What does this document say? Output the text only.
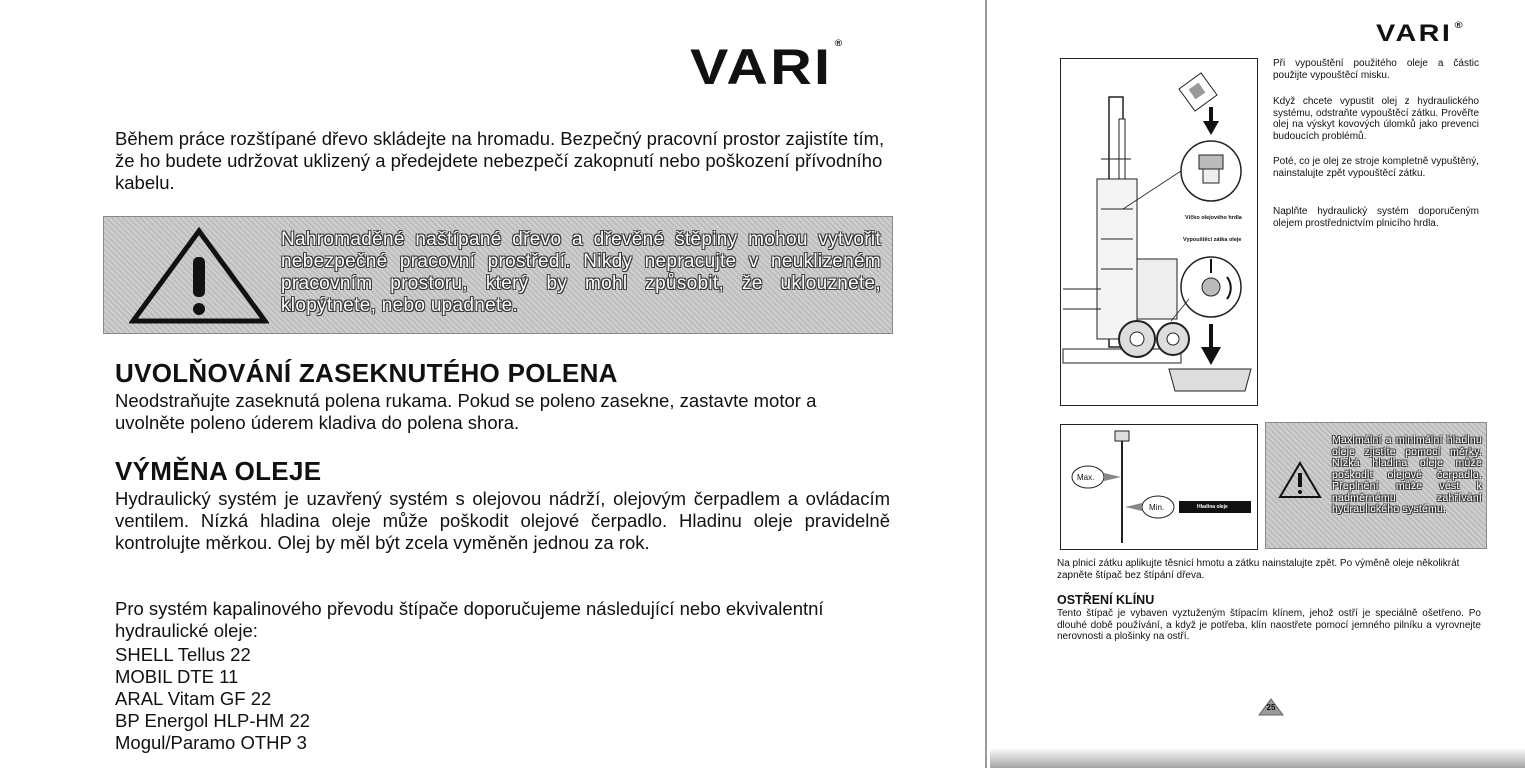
VARI ®
Během práce rozštípané dřevo skládejte na hromadu. Bezpečný pracovní prostor zajistíte tím, že ho budete udržovat uklizený a předejdete nebezpečí zakopnutí nebo poškození přívodního kabelu.
Nahromaděné naštípané dřevo a dřevěné štěpiny mohou vytvořit nebezpečné pracovní prostředí. Nikdy nepracujte v neuklizeném pracovním prostoru, který by mohl způsobit, že uklouznete, klopýtnete, nebo upadnete.
UVOLŇOVÁNÍ ZASEKNUTÉHO POLENA
Neodstraňujte zaseknutá polena rukama. Pokud se poleno zasekne, zastavte motor a uvolněte poleno úderem kladiva do polena shora.
VÝMĚNA OLEJE
Hydraulický systém je uzavřený systém s olejovou nádrží, olejovým čerpadlem a ovládacím ventilem. Nízká hladina oleje může poškodit olejové čerpadlo. Hladinu oleje pravidelně kontrolujte měrkou. Olej by měl být zcela vyměněn jednou za rok.
Pro systém kapalinového převodu štípače doporučujeme následující nebo ekvivalentní hydraulické oleje:
SHELL Tellus 22
MOBIL DTE 11
ARAL Vitam GF 22
BP Energol HLP-HM 22
Mogul/Paramo OTHP 3
VARI ®
Víčko olejového hrdla
Vypouštěcí zátka oleje
Při vypouštění použitého oleje a částic použijte vypouštěcí misku.
Když chcete vypustit olej z hydraulického systému, odstraňte vypouštěcí zátku. Prověřte olej na výskyt kovových úlomků jako prevenci budoucích problémů.
Poté, co je olej ze stroje kompletně vypuštěný, nainstalujte zpět vypouštěcí zátku.
Naplňte hydraulický systém doporučeným olejem prostřednictvím plnicího hrdla.
Max.
Min.	Hladina oleje
Maximální a minimální hladinu oleje zjistíte pomocí měrky. Nízká hladina oleje může poškodit olejové čerpadlo. Přeplnění může vést k nadměrnému zahřívání hydraulického systému.
Na plnicí zátku aplikujte těsnicí hmotu a zátku nainstalujte zpět. Po výměně oleje několikrát zapněte štípač bez štípání dřeva.
OSTŘENÍ KLÍNU
Tento štípač je vybaven vyztuženým štípacím klínem, jehož ostří je speciálně ošetřeno. Po dlouhé době používání, a když je potřeba, klín naostřete pomocí jemného pilníku a vyrovnejte nerovnosti a plošinky na ostří.
25
